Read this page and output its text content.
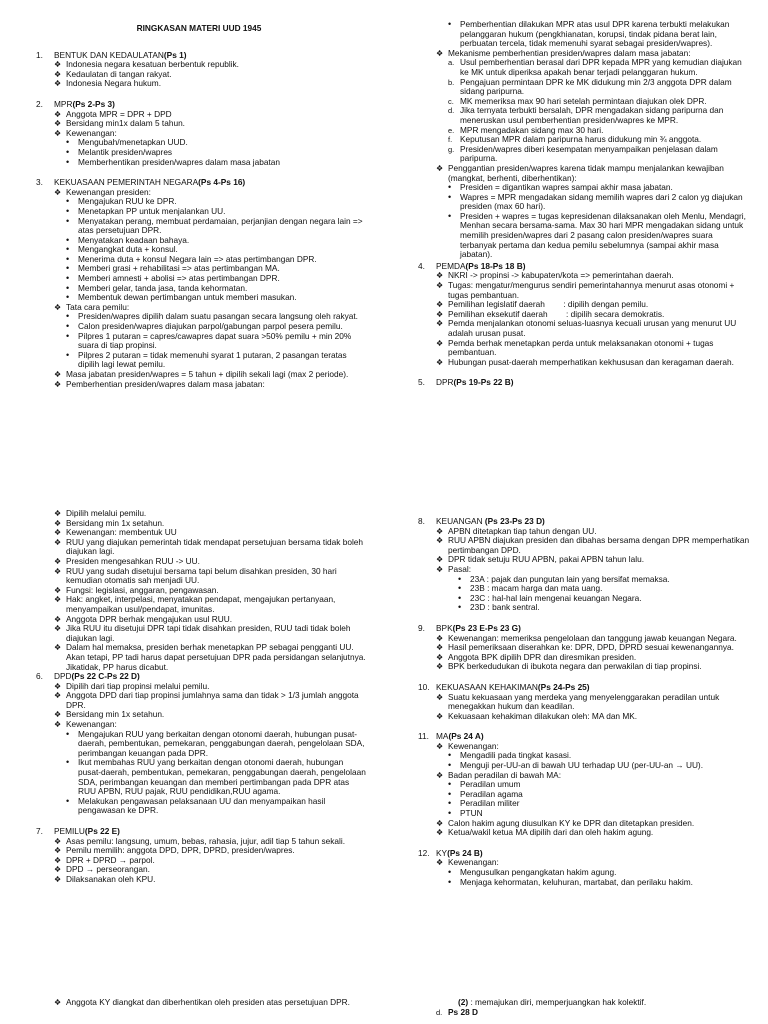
RINGKASAN MATERI UUD 1945
1.	BENTUK DAN KEDAULATAN (Ps 1)
❖ Indonesia negara kesatuan berbentuk republik.
❖ Kedaulatan di tangan rakyat.
❖ Indonesia Negara hukum.
2.	MPR (Ps 2-Ps 3)
❖ Anggota MPR = DPR + DPD
❖ Bersidang min1x dalam 5 tahun.
❖ Kewenangan:
•	Mengubah/menetapkan UUD.
•	Melantik presiden/wapres
•	Memberhentikan presiden/wapres dalam masa jabatan
3.	KEKUASAAN PEMERINTAH NEGARA (Ps 4-Ps 16)
❖ Kewenangan presiden:
•	Mengajukan RUU ke DPR.
•	Menetapkan PP untuk menjalankan UU.
•	Menyatakan perang, membuat perdamaian, perjanjian dengan negara lain => atas persetujuan DPR.
•	Menyatakan keadaan bahaya.
•	Mengangkat duta + konsul.
•	Menerima duta + konsul Negara lain => atas pertimbangan DPR.
•	Memberi grasi + rehabilitasi => atas pertimbangan MA.
•	Memberi amnesti + abolisi => atas pertimbangan DPR.
•	Memberi gelar, tanda jasa, tanda kehormatan.
•	Membentuk dewan pertimbangan untuk memberi masukan.
❖ Tata cara pemilu:
•	Presiden/wapres dipilih dalam suatu pasangan secara langsung oleh rakyat.
•	Calon presiden/wapres diajukan parpol/gabungan parpol pesera pemilu.
•	Pilpres 1 putaran = capres/cawapres dapat suara >50% pemilu + min 20% suara di tiap propinsi.
•	Pilpres 2 putaran = tidak memenuhi syarat 1 putaran, 2 pasangan teratas dipilih lagi lewat pemilu.
❖ Masa jabatan presiden/wapres = 5 tahun + dipilih sekali lagi (max 2 periode).
❖ Pemberhentian presiden/wapres dalam masa jabatan:
•	Pemberhentian dilakukan MPR atas usul DPR karena terbukti melakukan pelanggaran hukum (pengkhianatan, korupsi, tindak pidana berat lain, perbuatan tercela, tidak memenuhi syarat sebagai presiden/wapres).
❖ Mekanisme pemberhentian presiden/wapres dalam masa jabatan:
a. Usul pemberhentian berasal dari DPR kepada MPR yang kemudian diajukan ke MK untuk diperiksa apakah benar terjadi pelanggaran hukum.
b. Pengajuan permintaan DPR ke MK didukung min 2/3 anggota DPR dalam sidang paripurna.
c. MK memeriksa max 90 hari setelah permintaan diajukan olek DPR.
d. Jika ternyata terbukti bersalah, DPR mengadakan sidang paripurna dan meneruskan usul pemberhentian presiden/wapres ke MPR.
e. MPR mengadakan sidang max 30 hari.
f. Keputusan MPR dalam paripurna harus didukung min ¾ anggota.
g. Presiden/wapres diberi kesempatan menyampaikan penjelasan dalam paripurna.
❖ Penggantian presiden/wapres karena tidak mampu menjalankan kewajiban (mangkat, berhenti, diberhentikan):
•	Presiden = digantikan wapres sampai akhir masa jabatan.
•	Wapres = MPR mengadakan sidang memilih wapres dari 2 calon yg diajukan presiden (max 60 hari).
•	Presiden + wapres = tugas kepresidenan dilaksanakan oleh Menlu, Mendagri, Menhan secara bersama-sama. Max 30 hari MPR mengadakan sidang untuk memilih presiden/wapres dari 2 pasang calon presiden/wapres suara terbanyak pertama dan kedua pemilu sebelumnya (sampai akhir masa jabatan).
4.	PEMDA (Ps 18-Ps 18 B)
❖ NKRI -> propinsi -> kabupaten/kota => pemerintahan daerah.
❖ Tugas: mengatur/mengurus sendiri pemerintahannya menurut asas otonomi + tugas pembantuan.
❖ Pemilihan legislatif daerah        : dipilih dengan pemilu.
❖ Pemilihan eksekutif daerah        : dipilih secara demokratis.
❖ Pemda menjalankan otonomi seluas-luasnya kecuali urusan yang menurut UU adalah urusan pusat.
❖ Pemda berhak menetapkan perda untuk melaksanakan otonomi + tugas pembantuan.
❖ Hubungan pusat-daerah memperhatikan kekhususan dan keragaman daerah.
5.	DPR (Ps 19-Ps 22 B)
❖ Dipilih melalui pemilu.
❖ Bersidang min 1x setahun.
❖ Kewenangan: membentuk UU
❖ RUU yang diajukan pemerintah tidak mendapat persetujuan bersama tidak boleh diajukan lagi.
❖ Presiden mengesahkan RUU -> UU.
❖ RUU yang sudah disetujui bersama tapi belum disahkan presiden, 30 hari kemudian otomatis sah menjadi UU.
❖ Fungsi: legislasi, anggaran, pengawasan.
❖ Hak: angket, interpelasi, menyatakan pendapat, mengajukan pertanyaan, menyampaikan usul/pendapat, imunitas.
❖ Anggota DPR berhak mengajukan usul RUU.
❖ Jika RUU itu disetujui DPR tapi tidak disahkan presiden, RUU tadi tidak boleh diajukan lagi.
❖ Dalam hal memaksa, presiden berhak menetapkan PP sebagai pengganti UU. Akan tetapi, PP tadi harus dapat persetujuan DPR pada persidangan selanjutnya. Jikatidak, PP harus dicabut.
6.	DPD (Ps 22 C-Ps 22 D)
❖ Dipilih dari tiap propinsi melalui pemilu.
❖ Anggota DPD dari tiap propinsi jumlahnya sama dan tidak > 1/3 jumlah anggota DPR.
❖ Bersidang min 1x setahun.
❖ Kewenangan:
•	Mengajukan RUU yang berkaitan dengan otonomi daerah, hubungan pusat-daerah, pembentukan, pemekaran, penggabungan daerah, pengelolaan SDA, perimbangan keuangan pada DPR.
•	Ikut membahas RUU yang berkaitan dengan otonomi daerah, hubungan pusat-daerah, pembentukan, pemekaran, penggabungan daerah, pengelolaan SDA, perimbangan keuangan dan memberi pertimbangan pada DPR atas RUU APBN, RUU pajak, RUU pendidikan,RUU agama.
•	Melakukan pengawasan pelaksanaan UU dan menyampaikan hasil pengawasan ke DPR.
7.	PEMILU (Ps 22 E)
❖ Asas pemilu: langsung, umum, bebas, rahasia, jujur, adil tiap 5 tahun sekali.
❖ Pemilu memilih: anggota DPD, DPR, DPRD, presiden/wapres.
❖ DPR + DPRD → parpol.
❖ DPD → perseorangan.
❖ Dilaksanakan oleh KPU.
8.	KEUANGAN (Ps 23-Ps 23 D)
❖ APBN ditetapkan tiap tahun dengan UU.
❖ RUU APBN diajukan presiden dan dibahas bersama dengan DPR memperhatikan pertimbangan DPD.
❖ DPR tidak setuju RUU APBN, pakai APBN tahun lalu.
❖ Pasal:
•	23A : pajak dan pungutan lain yang bersifat memaksa.
•	23B : macam harga dan mata uang.
•	23C : hal-hal lain mengenai keuangan Negara.
•	23D : bank sentral.
9.	BPK (Ps 23 E-Ps 23 G)
❖ Kewenangan: memeriksa pengelolaan dan tanggung jawab keuangan Negara.
❖ Hasil pemeriksaan diserahkan ke: DPR, DPD, DPRD sesuai kewenangannya.
❖ Anggota BPK dipilih DPR dan diresmikan presiden.
❖ BPK berkedudukan di ibukota negara dan perwakilan di tiap propinsi.
10. KEKUASAAN KEHAKIMAN (Ps 24-Ps 25)
❖ Suatu kekuasaan yang merdeka yang menyelenggarakan peradilan untuk menegakkan hukum dan keadilan.
❖ Kekuasaan kehakiman dilakukan oleh: MA dan MK.
11. MA (Ps 24 A)
❖ Kewenangan:
•	Mengadili pada tingkat kasasi.
•	Menguji per-UU-an di bawah UU terhadap UU (per-UU-an → UU).
❖ Badan peradilan di bawah MA:
•	Peradilan umum
•	Peradilan agama
•	Peradilan militer
•	PTUN
❖ Calon hakim agung diusulkan KY ke DPR dan ditetapkan presiden.
❖ Ketua/wakil ketua MA dipilih dari dan oleh hakim agung.
12. KY (Ps 24 B)
❖ Kewenangan:
•	Mengusulkan pengangkatan hakim agung.
•	Menjaga kehormatan, keluhuran, martabat, dan perilaku hakim.
❖ Anggota KY diangkat dan diberhentikan oleh presiden atas persetujuan DPR.	(2) : memajukan diri, memperjuangkan hak kolektif.
d. Ps 28 D
